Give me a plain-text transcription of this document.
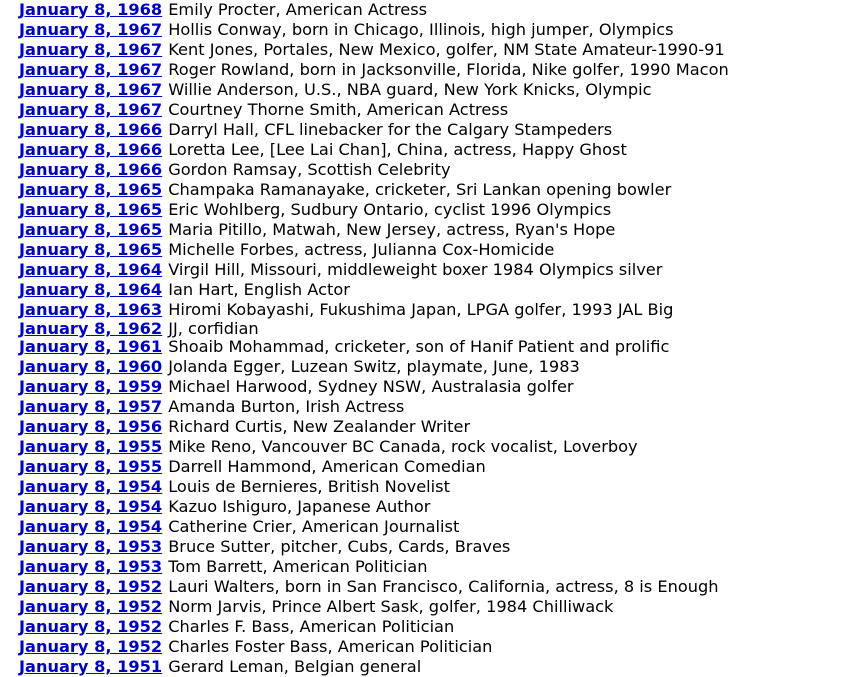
January 8, 1968 Emily Procter, American Actress
January 8, 1967 Hollis Conway, born in Chicago, Illinois, high jumper, Olympics
January 8, 1967 Kent Jones, Portales, New Mexico, golfer, NM State Amateur-1990-91
January 8, 1967 Roger Rowland, born in Jacksonville, Florida, Nike golfer, 1990 Macon
January 8, 1967 Willie Anderson, U.S., NBA guard, New York Knicks, Olympic
January 8, 1967 Courtney Thorne Smith, American Actress
January 8, 1966 Darryl Hall, CFL linebacker for the Calgary Stampeders
January 8, 1966 Loretta Lee, [Lee Lai Chan], China, actress, Happy Ghost
January 8, 1966 Gordon Ramsay, Scottish Celebrity
January 8, 1965 Champaka Ramanayake, cricketer, Sri Lankan opening bowler
January 8, 1965 Eric Wohlberg, Sudbury Ontario, cyclist 1996 Olympics
January 8, 1965 Maria Pitillo, Matwah, New Jersey, actress, Ryan's Hope
January 8, 1965 Michelle Forbes, actress, Julianna Cox-Homicide
January 8, 1964 Virgil Hill, Missouri, middleweight boxer 1984 Olympics silver
January 8, 1964 Ian Hart, English Actor
January 8, 1963 Hiromi Kobayashi, Fukushima Japan, LPGA golfer, 1993 JAL Big
January 8, 1962 JJ, corfidian
January 8, 1961 Shoaib Mohammad, cricketer, son of Hanif Patient and prolific
January 8, 1960 Jolanda Egger, Luzean Switz, playmate, June, 1983
January 8, 1959 Michael Harwood, Sydney NSW, Australasia golfer
January 8, 1957 Amanda Burton, Irish Actress
January 8, 1956 Richard Curtis, New Zealander Writer
January 8, 1955 Mike Reno, Vancouver BC Canada, rock vocalist, Loverboy
January 8, 1955 Darrell Hammond, American Comedian
January 8, 1954 Louis de Bernieres, British Novelist
January 8, 1954 Kazuo Ishiguro, Japanese Author
January 8, 1954 Catherine Crier, American Journalist
January 8, 1953 Bruce Sutter, pitcher, Cubs, Cards, Braves
January 8, 1953 Tom Barrett, American Politician
January 8, 1952 Lauri Walters, born in San Francisco, California, actress, 8 is Enough
January 8, 1952 Norm Jarvis, Prince Albert Sask, golfer, 1984 Chilliwack
January 8, 1952 Charles F. Bass, American Politician
January 8, 1952 Charles Foster Bass, American Politician
January 8, 1951 Gerard Leman, Belgian general
